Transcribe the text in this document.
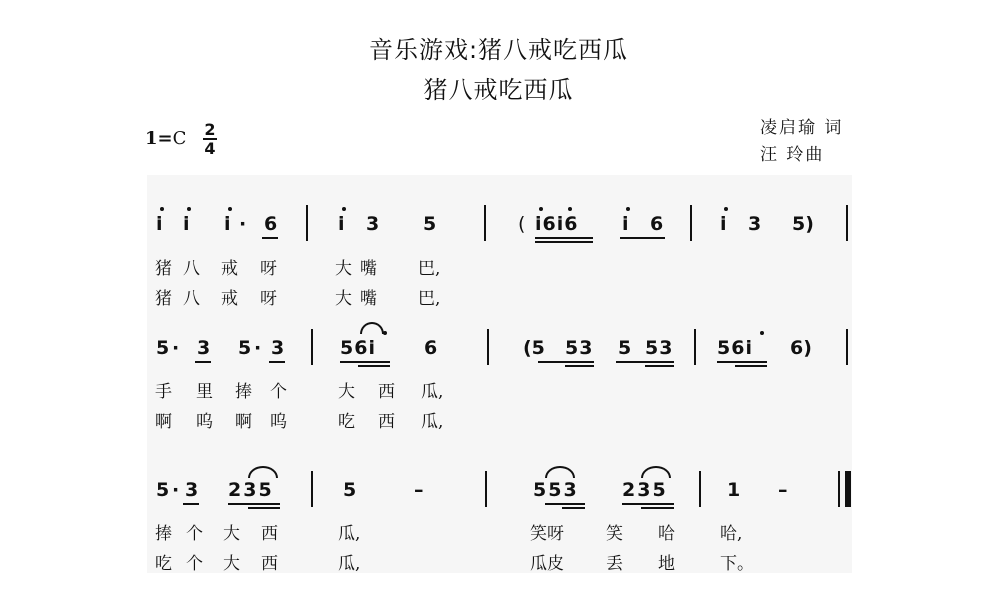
音乐游戏:猪八戒吃西瓜
猪八戒吃西瓜
1=C 2
4
凌启瑜 词
汪 玲曲
i i i · 6	i 3 5	( i6i6 i 6	i 3 5)
猪 八 戒 呀	大 嘴 巴,
猪 八 戒 呀	大 嘴 巴,
5 · 3 5 · 3	56i	6	(5 53 5 53 56i 6)
手 里 捧 个	大 西 瓜,
啊 呜 啊 呜	吃 西 瓜,
5 · 3 235	5	–	553 235	1 –
捧 个 大 西	瓜,	笑呀 笑 哈	哈,
吃 个 大 西	瓜,	瓜皮 丢 地	下。
